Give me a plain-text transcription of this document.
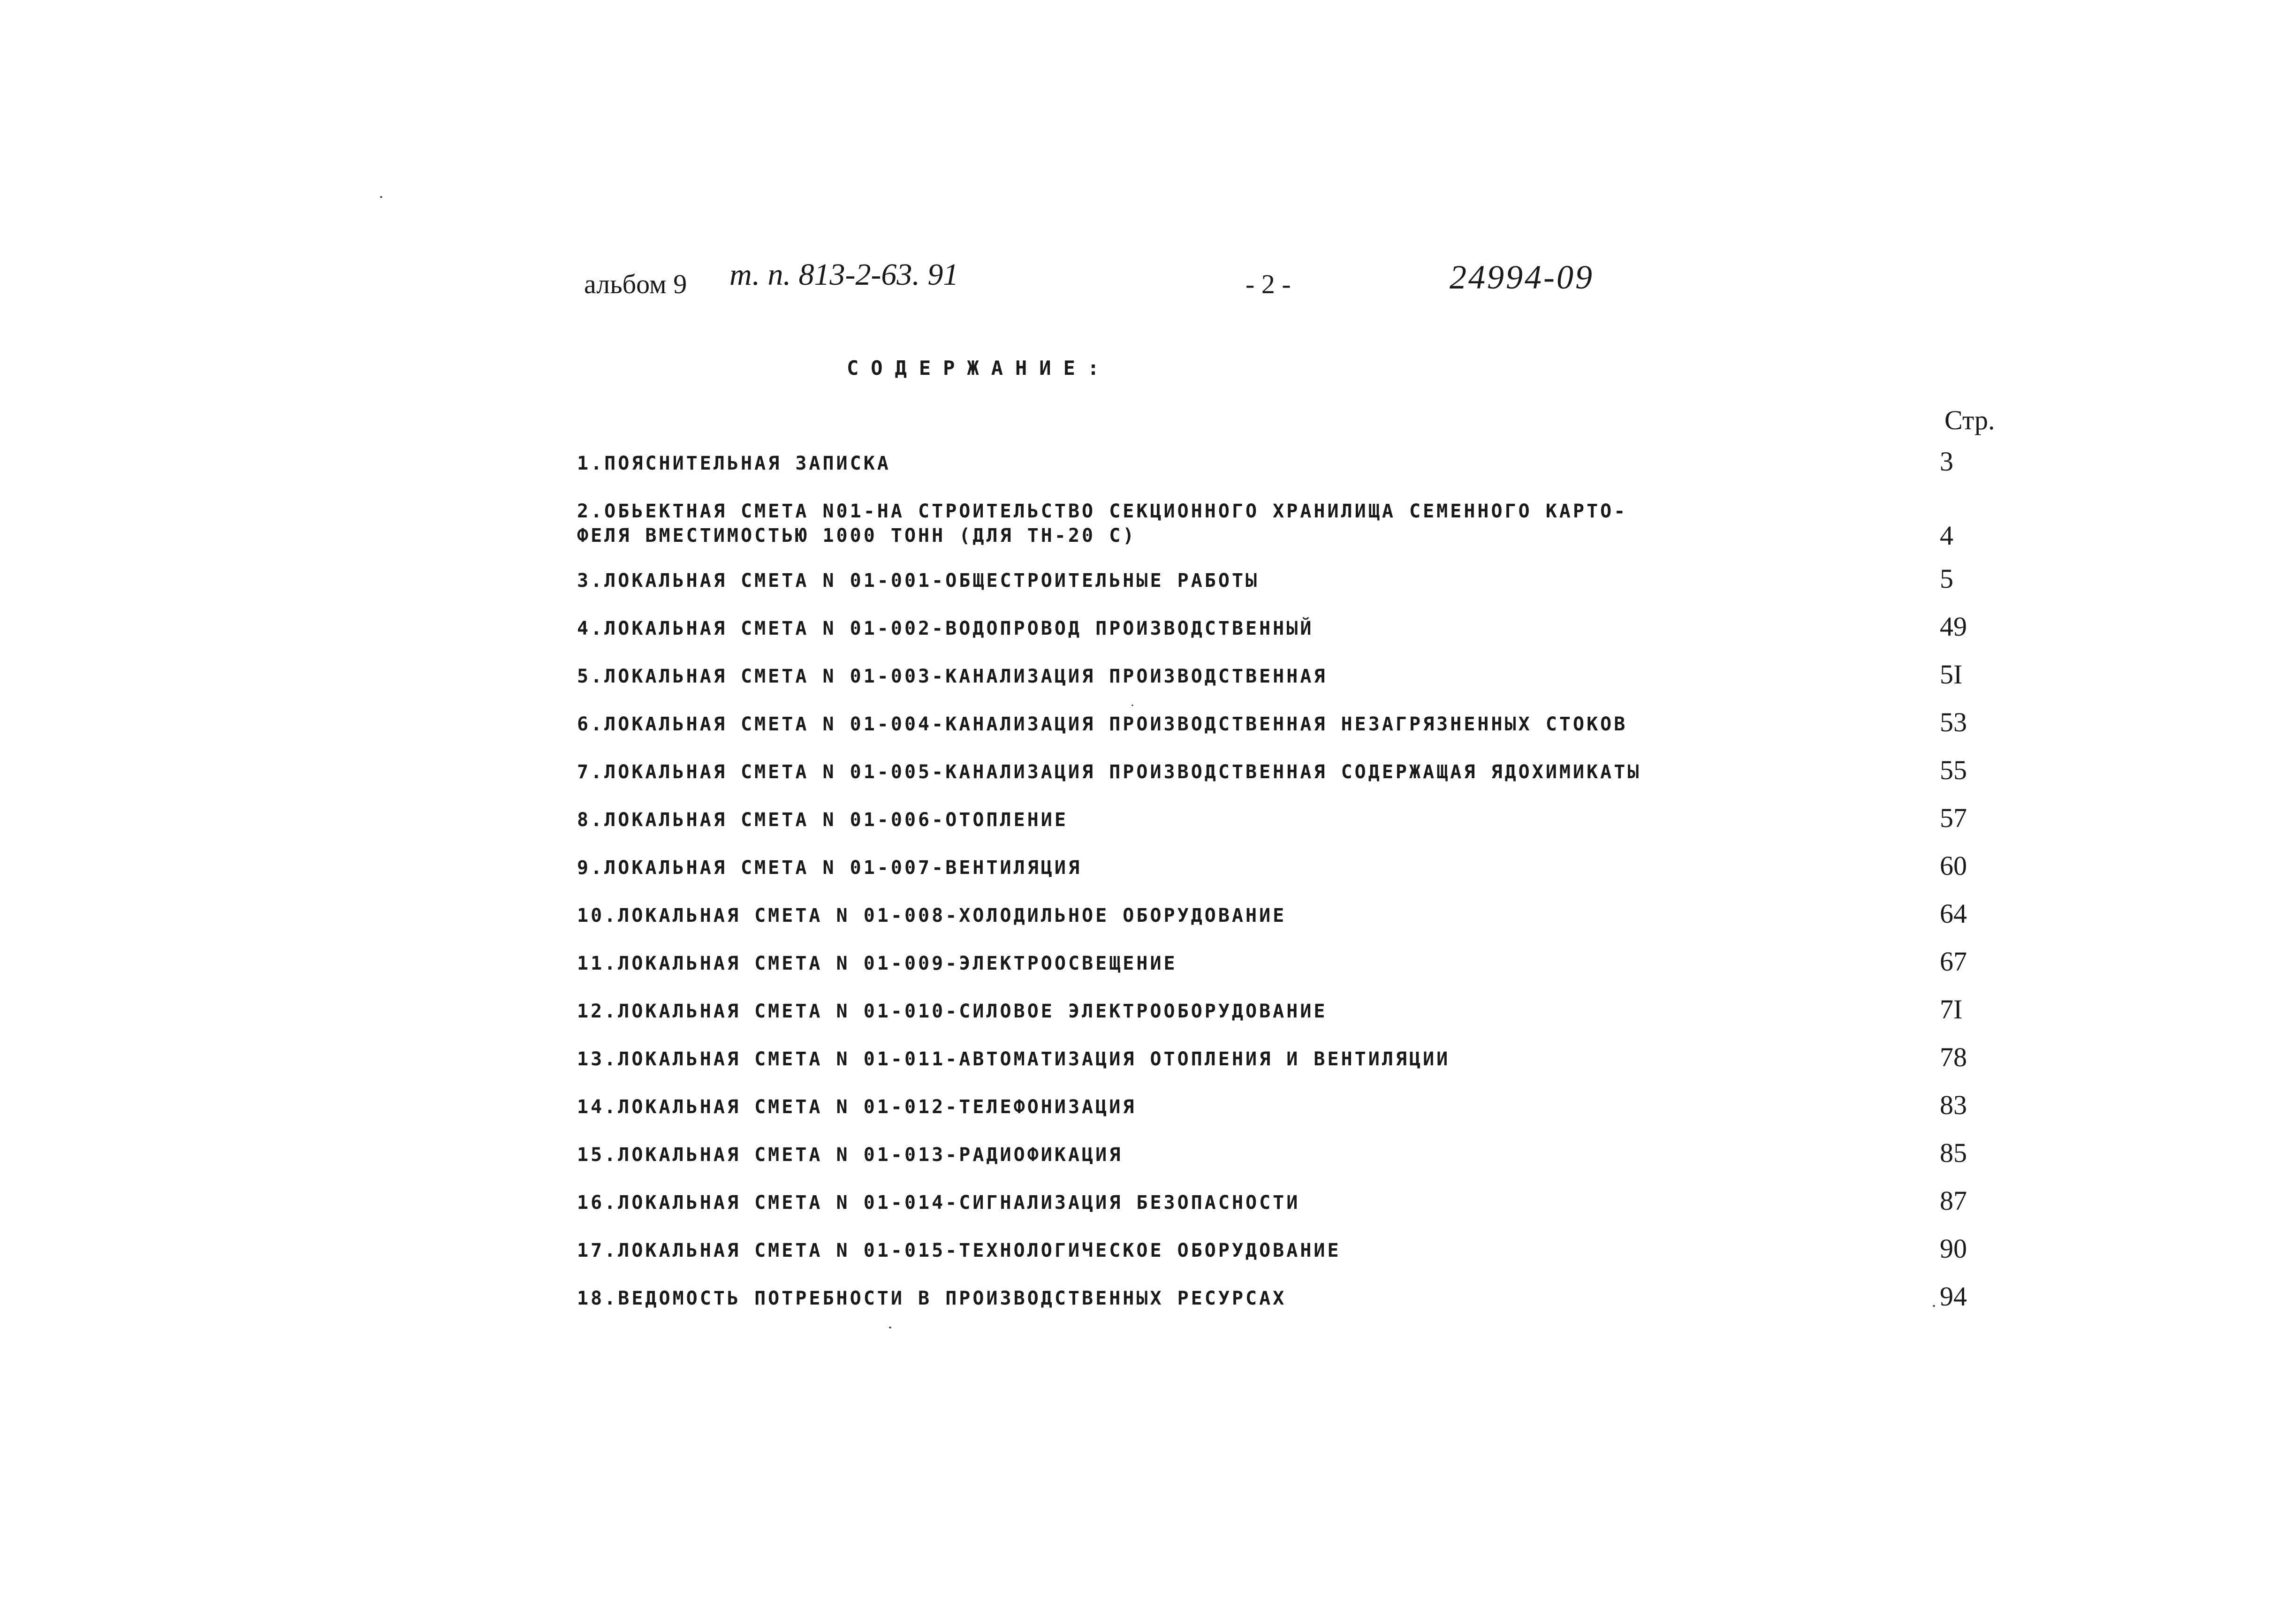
альбом 9 т. п. 813-2-63. 91	- 2 -	24994-09
СОДЕРЖАНИЕ:
Стр.
1.ПОЯСНИТЕЛЬНАЯ ЗАПИСКА	3
2.ОБЬЕКТНАЯ СМЕТА N01-НА СТРОИТЕЛЬСТВО СЕКЦИОННОГО ХРАНИЛИЩА СЕМЕННОГО КАРТО-
ФЕЛЯ ВМЕСТИМОСТЬЮ 1000 ТОНН (ДЛЯ ТН-20 С)	4
3.ЛОКАЛЬНАЯ СМЕТА N 01-001-ОБЩЕСТРОИТЕЛЬНЫЕ РАБОТЫ	5
4.ЛОКАЛЬНАЯ СМЕТА N 01-002-ВОДОПРОВОД ПРОИЗВОДСТВЕННЫЙ	49
5.ЛОКАЛЬНАЯ СМЕТА N 01-003-КАНАЛИЗАЦИЯ ПРОИЗВОДСТВЕННАЯ	5I
6.ЛОКАЛЬНАЯ СМЕТА N 01-004-КАНАЛИЗАЦИЯ ПРОИЗВОДСТВЕННАЯ НЕЗАГРЯЗНЕННЫХ СТОКОВ	53
7.ЛОКАЛЬНАЯ СМЕТА N 01-005-КАНАЛИЗАЦИЯ ПРОИЗВОДСТВЕННАЯ СОДЕРЖАЩАЯ ЯДОХИМИКАТЫ	55
8.ЛОКАЛЬНАЯ СМЕТА N 01-006-ОТОПЛЕНИЕ	57
9.ЛОКАЛЬНАЯ СМЕТА N 01-007-ВЕНТИЛЯЦИЯ	60
10.ЛОКАЛЬНАЯ СМЕТА N 01-008-ХОЛОДИЛЬНОЕ ОБОРУДОВАНИЕ	64
11.ЛОКАЛЬНАЯ СМЕТА N 01-009-ЭЛЕКТРООСВЕЩЕНИЕ	67
12.ЛОКАЛЬНАЯ СМЕТА N 01-010-СИЛОВОЕ ЭЛЕКТРООБОРУДОВАНИЕ	7I
13.ЛОКАЛЬНАЯ СМЕТА N 01-011-АВТОМАТИЗАЦИЯ ОТОПЛЕНИЯ И ВЕНТИЛЯЦИИ	78
14.ЛОКАЛЬНАЯ СМЕТА N 01-012-ТЕЛЕФОНИЗАЦИЯ	83
15.ЛОКАЛЬНАЯ СМЕТА N 01-013-РАДИОФИКАЦИЯ	85
16.ЛОКАЛЬНАЯ СМЕТА N 01-014-СИГНАЛИЗАЦИЯ БЕЗОПАСНОСТИ	87
17.ЛОКАЛЬНАЯ СМЕТА N 01-015-ТЕХНОЛОГИЧЕСКОЕ ОБОРУДОВАНИЕ	90
18.ВЕДОМОСТЬ ПОТРЕБНОСТИ В ПРОИЗВОДСТВЕННЫХ РЕСУРСАХ	94
